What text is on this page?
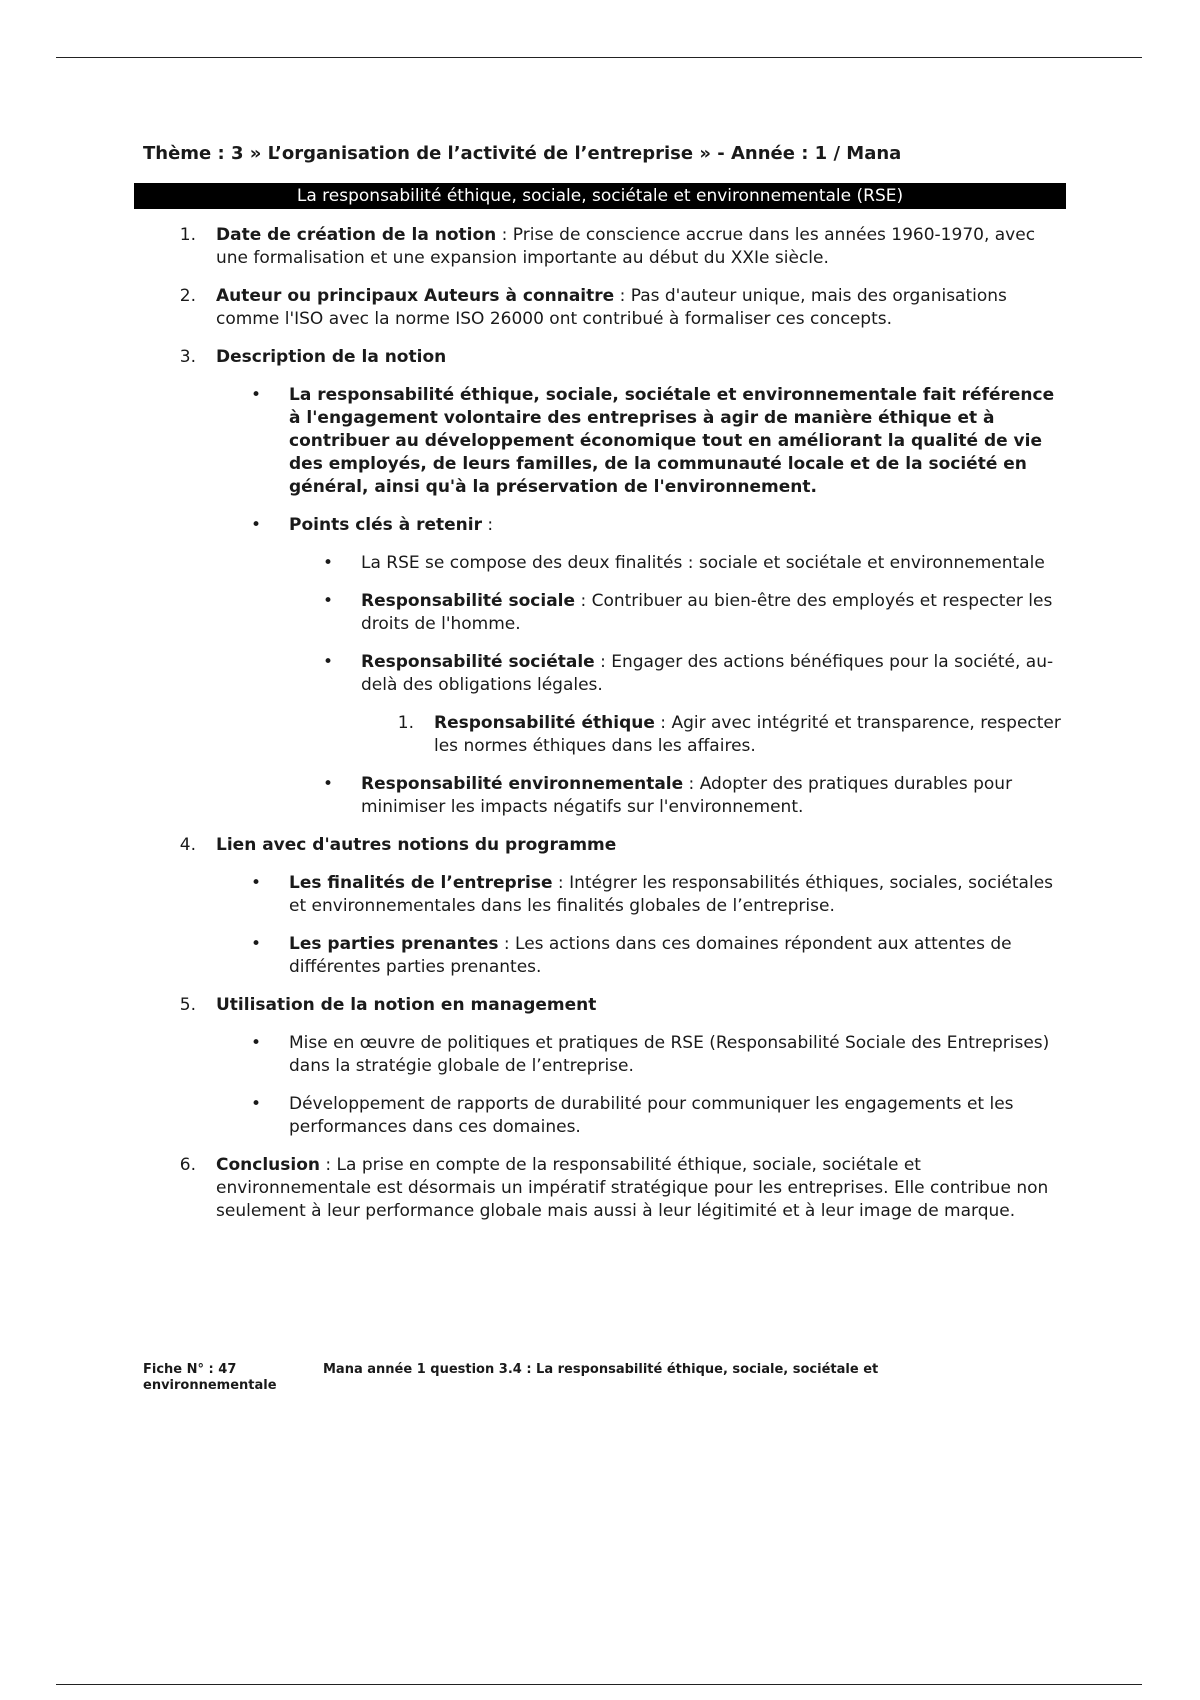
Thème : 3 » L’organisation de l’activité de l’entreprise » - Année : 1 / Mana
La responsabilité éthique, sociale, sociétale et environnementale (RSE)
1. Date de création de la notion : Prise de conscience accrue dans les années 1960-1970, avec une formalisation et une expansion importante au début du XXIe siècle.
2. Auteur ou principaux Auteurs à connaitre : Pas d'auteur unique, mais des organisations comme l'ISO avec la norme ISO 26000 ont contribué à formaliser ces concepts.
3. Description de la notion
• La responsabilité éthique, sociale, sociétale et environnementale fait référence à l'engagement volontaire des entreprises à agir de manière éthique et à contribuer au développement économique tout en améliorant la qualité de vie des employés, de leurs familles, de la communauté locale et de la société en général, ainsi qu'à la préservation de l'environnement.
• Points clés à retenir :
• La RSE se compose des deux finalités : sociale et sociétale et environnementale
• Responsabilité sociale : Contribuer au bien-être des employés et respecter les droits de l'homme.
• Responsabilité sociétale : Engager des actions bénéfiques pour la société, au-delà des obligations légales.
1. Responsabilité éthique : Agir avec intégrité et transparence, respecter les normes éthiques dans les affaires.
• Responsabilité environnementale : Adopter des pratiques durables pour minimiser les impacts négatifs sur l'environnement.
4. Lien avec d'autres notions du programme
• Les finalités de l’entreprise : Intégrer les responsabilités éthiques, sociales, sociétales et environnementales dans les finalités globales de l’entreprise.
• Les parties prenantes : Les actions dans ces domaines répondent aux attentes de différentes parties prenantes.
5. Utilisation de la notion en management
• Mise en œuvre de politiques et pratiques de RSE (Responsabilité Sociale des Entreprises) dans la stratégie globale de l’entreprise.
• Développement de rapports de durabilité pour communiquer les engagements et les performances dans ces domaines.
6. Conclusion : La prise en compte de la responsabilité éthique, sociale, sociétale et environnementale est désormais un impératif stratégique pour les entreprises. Elle contribue non seulement à leur performance globale mais aussi à leur légitimité et à leur image de marque.
Fiche N° : 47	Mana année 1 question 3.4 : La responsabilité éthique, sociale, sociétale et
environnementale
